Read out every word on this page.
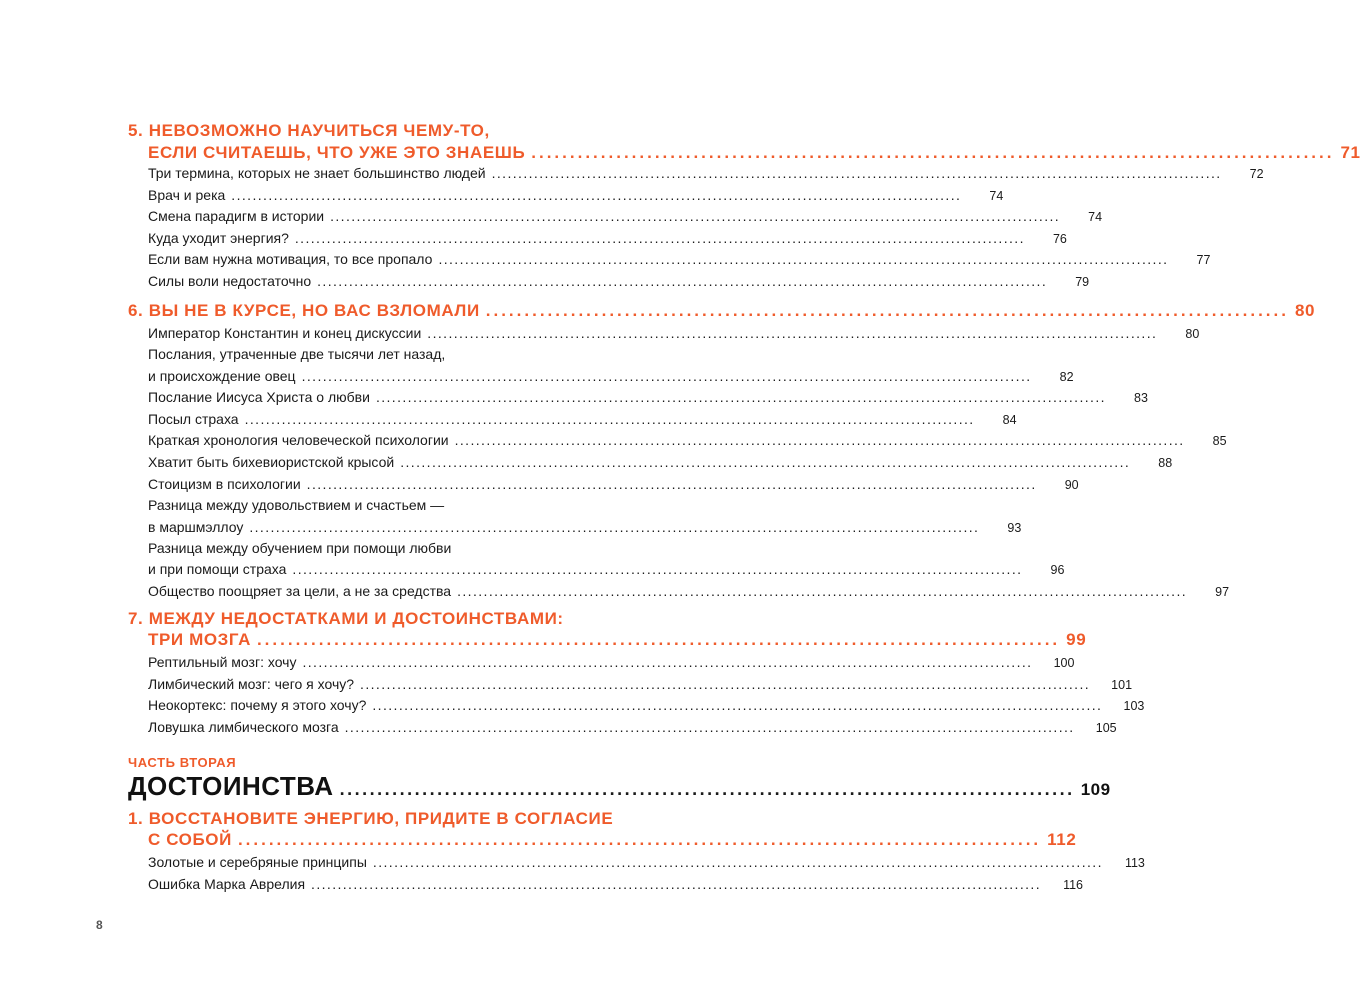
5. НЕВОЗМОЖНО НАУЧИТЬСЯ ЧЕМУ-ТО,
ЕСЛИ СЧИТАЕШЬ, ЧТО УЖЕ ЭТО ЗНАЕШЬ ........................................................................................................ 71
Три термина, которых не знает большинство людей ..........................................................................................................................................	72
Врач и река ..........................................................................................................................................	74
Смена парадигм в истории ..........................................................................................................................................	74
Куда уходит энергия? ..........................................................................................................................................	76
Если вам нужна мотивация, то все пропало ..........................................................................................................................................	77
Силы воли недостаточно ..........................................................................................................................................	79
6. ВЫ НЕ В КУРСЕ, НО ВАС ВЗЛОМАЛИ ........................................................................................................ 80
Император Константин и конец дискуссии ..........................................................................................................................................	80
Послания, утраченные две тысячи лет назад,
и происхождение овец ..........................................................................................................................................	82
Послание Иисуса Христа о любви ..........................................................................................................................................	83
Посыл страха ..........................................................................................................................................	84
Краткая хронология человеческой психологии ..........................................................................................................................................	85
Хватит быть бихевиористской крысой ..........................................................................................................................................	88
Стоицизм в психологии ..........................................................................................................................................	90
Разница между удовольствием и счастьем —
в маршмэллоу ..........................................................................................................................................	93
Разница между обучением при помощи любви
и при помощи страха ..........................................................................................................................................	96
Общество поощряет за цели, а не за средства ..........................................................................................................................................	97
7. МЕЖДУ НЕДОСТАТКАМИ И ДОСТОИНСТВАМИ:
ТРИ МОЗГА ........................................................................................................ 99
Рептильный мозг: хочу ..........................................................................................................................................	100
Лимбический мозг: чего я хочу? ..........................................................................................................................................	101
Неокортекс: почему я этого хочу? ..........................................................................................................................................	103
Ловушка лимбического мозга ..........................................................................................................................................	105
ЧАСТЬ ВТОРАЯ
ДОСТОИНСТВА .................................................................................................. 109
1. ВОССТАНОВИТЕ ЭНЕРГИЮ, ПРИДИТЕ В СОГЛАСИЕ
С СОБОЙ ........................................................................................................ 112
Золотые и серебряные принципы ..........................................................................................................................................	113
Ошибка Марка Аврелия ..........................................................................................................................................	116
8
